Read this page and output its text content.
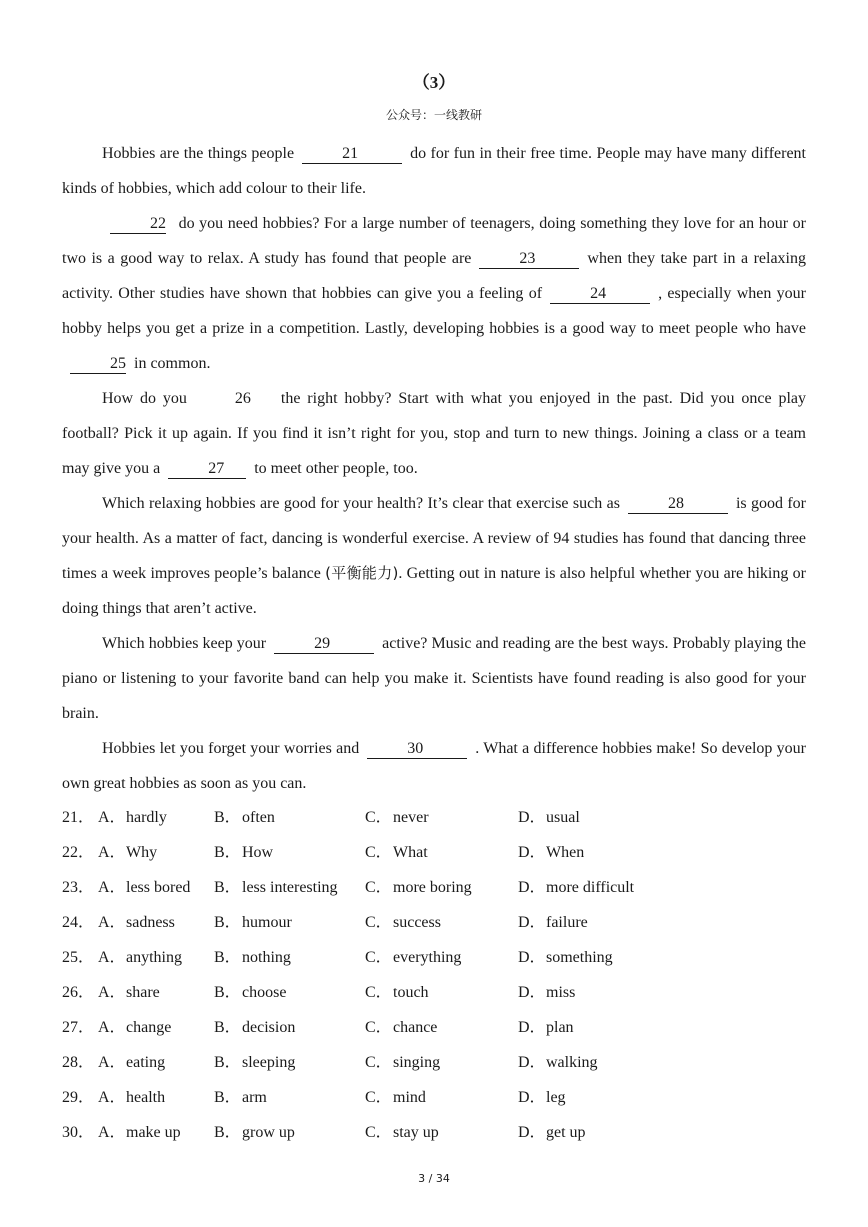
（3）
公众号：一线教研

Hobbies are the things people	21	do for fun in their free time. People may have many different kinds of hobbies, which add colour to their life.

22 do you need hobbies? For a large number of teenagers, doing something they love for an hour or two is a good way to relax. A study has found that people are	23	when they take part in a relaxing activity. Other studies have shown that hobbies can give you a feeling of	24	, especially when your hobby helps you get a prize in a competition. Lastly, developing hobbies is a good way to meet people who have25 in common.

How do you	26 the right hobby? Start with what you enjoyed in the past. Did you once play football? Pick it up again. If you find it isn’t right for you, stop and turn to new things. Joining a class or a team may give you a	27 to meet other people, too.

Which relaxing hobbies are good for your health? It’s clear that exercise such as	28	is good for your health. As a matter of fact, dancing is wonderful exercise. A review of 94 studies has found that dancing three times a week improves people’s balance (平衡能力). Getting out in nature is also helpful whether you are hiking or doing things that aren’t active.

Which hobbies keep your	29	active? Music and reading are the best ways. Probably playing the piano or listening to your favorite band can help you make it. Scientists have found reading is also good for your brain.

Hobbies let you forget your worries and	30	. What a difference hobbies make! So develop your own great hobbies as soon as you can.

21． A．hardly	B．often	C．never	D．usual
22． A．Why	B．How	C．What	D．When
23． A．less bored B．less interesting C．more boring	D．more difficult
24． A．sadness B．humour	C．success	D．failure
25． A．anything B．nothing	C．everything	D．something
26． A．share	B．choose	C．touch	D．miss
27． A．change	B．decision	C．chance	D．plan
28． A．eating	B．sleeping	C．singing	D．walking
29． A．health	B．arm	C．mind	D．leg
30． A．make up B．grow up	C．stay up	D．get up
3 / 34
